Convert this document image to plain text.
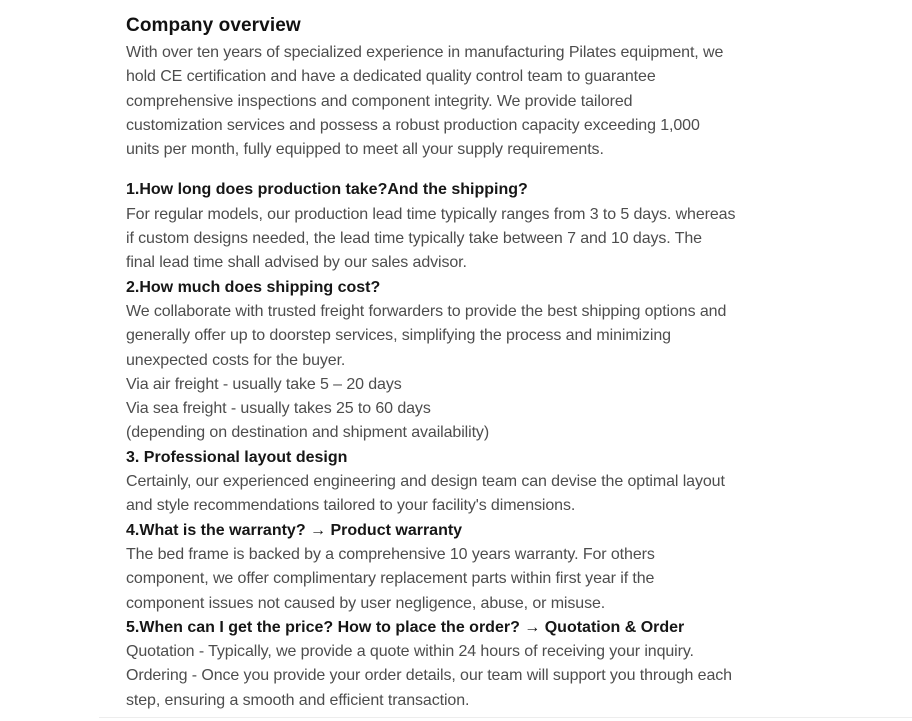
Company overview
With over ten years of specialized experience in manufacturing Pilates equipment, we
hold CE certification and have a dedicated quality control team to guarantee
comprehensive inspections and component integrity. We provide tailored
customization services and possess a robust production capacity exceeding 1,000
units per month, fully equipped to meet all your supply requirements.
1.How long does production take?And the shipping?
For regular models, our production lead time typically ranges from 3 to 5 days. whereas
if custom designs needed, the lead time typically take between 7 and 10 days. The
final lead time shall advised by our sales advisor.
2.How much does shipping cost?
We collaborate with trusted freight forwarders to provide the best shipping options and
generally offer up to doorstep services, simplifying the process and minimizing
unexpected costs for the buyer.
Via air freight - usually take 5 – 20 days
Via sea freight - usually takes 25 to 60 days
(depending on destination and shipment availability)
3. Professional layout design
Certainly, our experienced engineering and design team can devise the optimal layout
and style recommendations tailored to your facility's dimensions.
4.What is the warranty? → Product warranty
The bed frame is backed by a comprehensive 10 years warranty. For others
component, we offer complimentary replacement parts within first year if the
component issues not caused by user negligence, abuse, or misuse.
5.When can I get the price? How to place the order? → Quotation & Order
Quotation - Typically, we provide a quote within 24 hours of receiving your inquiry.
Ordering - Once you provide your order details, our team will support you through each
step, ensuring a smooth and efficient transaction.
